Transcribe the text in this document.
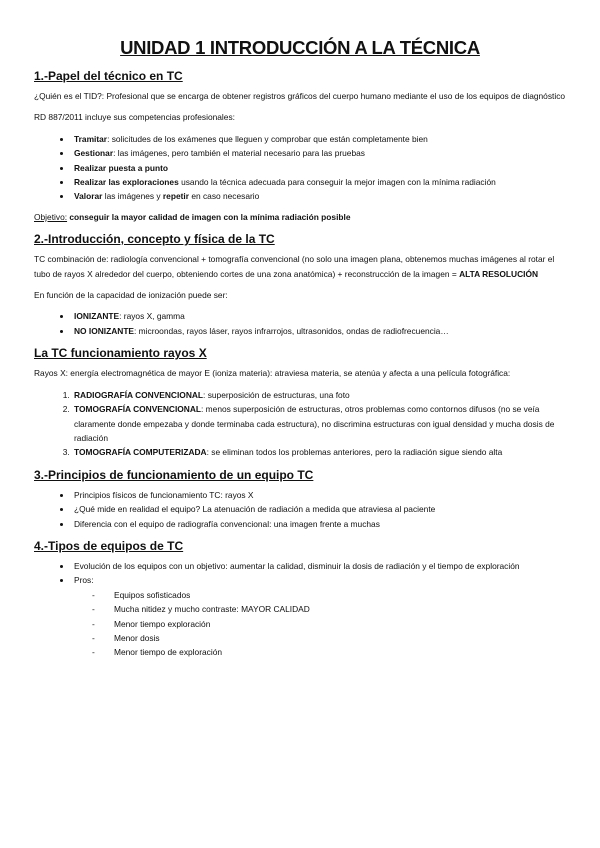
UNIDAD 1 INTRODUCCIÓN A LA TÉCNICA
1.-Papel del técnico en TC

¿Quién es el TID?: Profesional que se encarga de obtener registros gráficos del cuerpo humano mediante el uso de los equipos de diagnóstico

RD 887/2011 incluye sus competencias profesionales:

• Tramitar: solicitudes de los exámenes que lleguen y comprobar que están completamente bien
• Gestionar: las imágenes, pero también el material necesario para las pruebas
• Realizar puesta a punto
• Realizar las exploraciones usando la técnica adecuada para conseguir la mejor imagen con la mínima radiación
• Valorar las imágenes y repetir en caso necesario

Objetivo: conseguir la mayor calidad de imagen con la mínima radiación posible

2.-Introducción, concepto y física de la TC

TC combinación de: radiología convencional + tomografía convencional (no solo una imagen plana, obtenemos muchas imágenes al rotar el tubo de rayos X alrededor del cuerpo, obteniendo cortes de una zona anatómica) + reconstrucción de la imagen = ALTA RESOLUCIÓN

En función de la capacidad de ionización puede ser:

• IONIZANTE: rayos X, gamma
• NO IONIZANTE: microondas, rayos láser, rayos infrarrojos, ultrasonidos, ondas de radiofrecuencia…
La TC funcionamiento rayos X

Rayos X: energía electromagnética de mayor E (ioniza materia): atraviesa materia, se atenúa y afecta a una película fotográfica:

1. RADIOGRAFÍA CONVENCIONAL: superposición de estructuras, una foto
2. TOMOGRAFÍA CONVENCIONAL: menos superposición de estructuras, otros problemas como contornos difusos (no se veía claramente donde empezaba y donde terminaba cada estructura), no discrimina estructuras con igual densidad y mucha dosis de radiación
3. TOMOGRAFÍA COMPUTERIZADA: se eliminan todos los problemas anteriores, pero la radiación sigue siendo alta
3.-Principios de funcionamiento de un equipo TC
• Principios físicos de funcionamiento TC: rayos X
• ¿Qué mide en realidad el equipo? La atenuación de radiación a medida que atraviesa al paciente
• Diferencia con el equipo de radiografía convencional: una imagen frente a muchas
4.-Tipos de equipos de TC
• Evolución de los equipos con un objetivo: aumentar la calidad, disminuir la dosis de radiación y el tiempo de exploración
• Pros:
- Equipos sofisticados
- Mucha nitidez y mucho contraste: MAYOR CALIDAD
- Menor tiempo exploración
- Menor dosis
- Menor tiempo de exploración
